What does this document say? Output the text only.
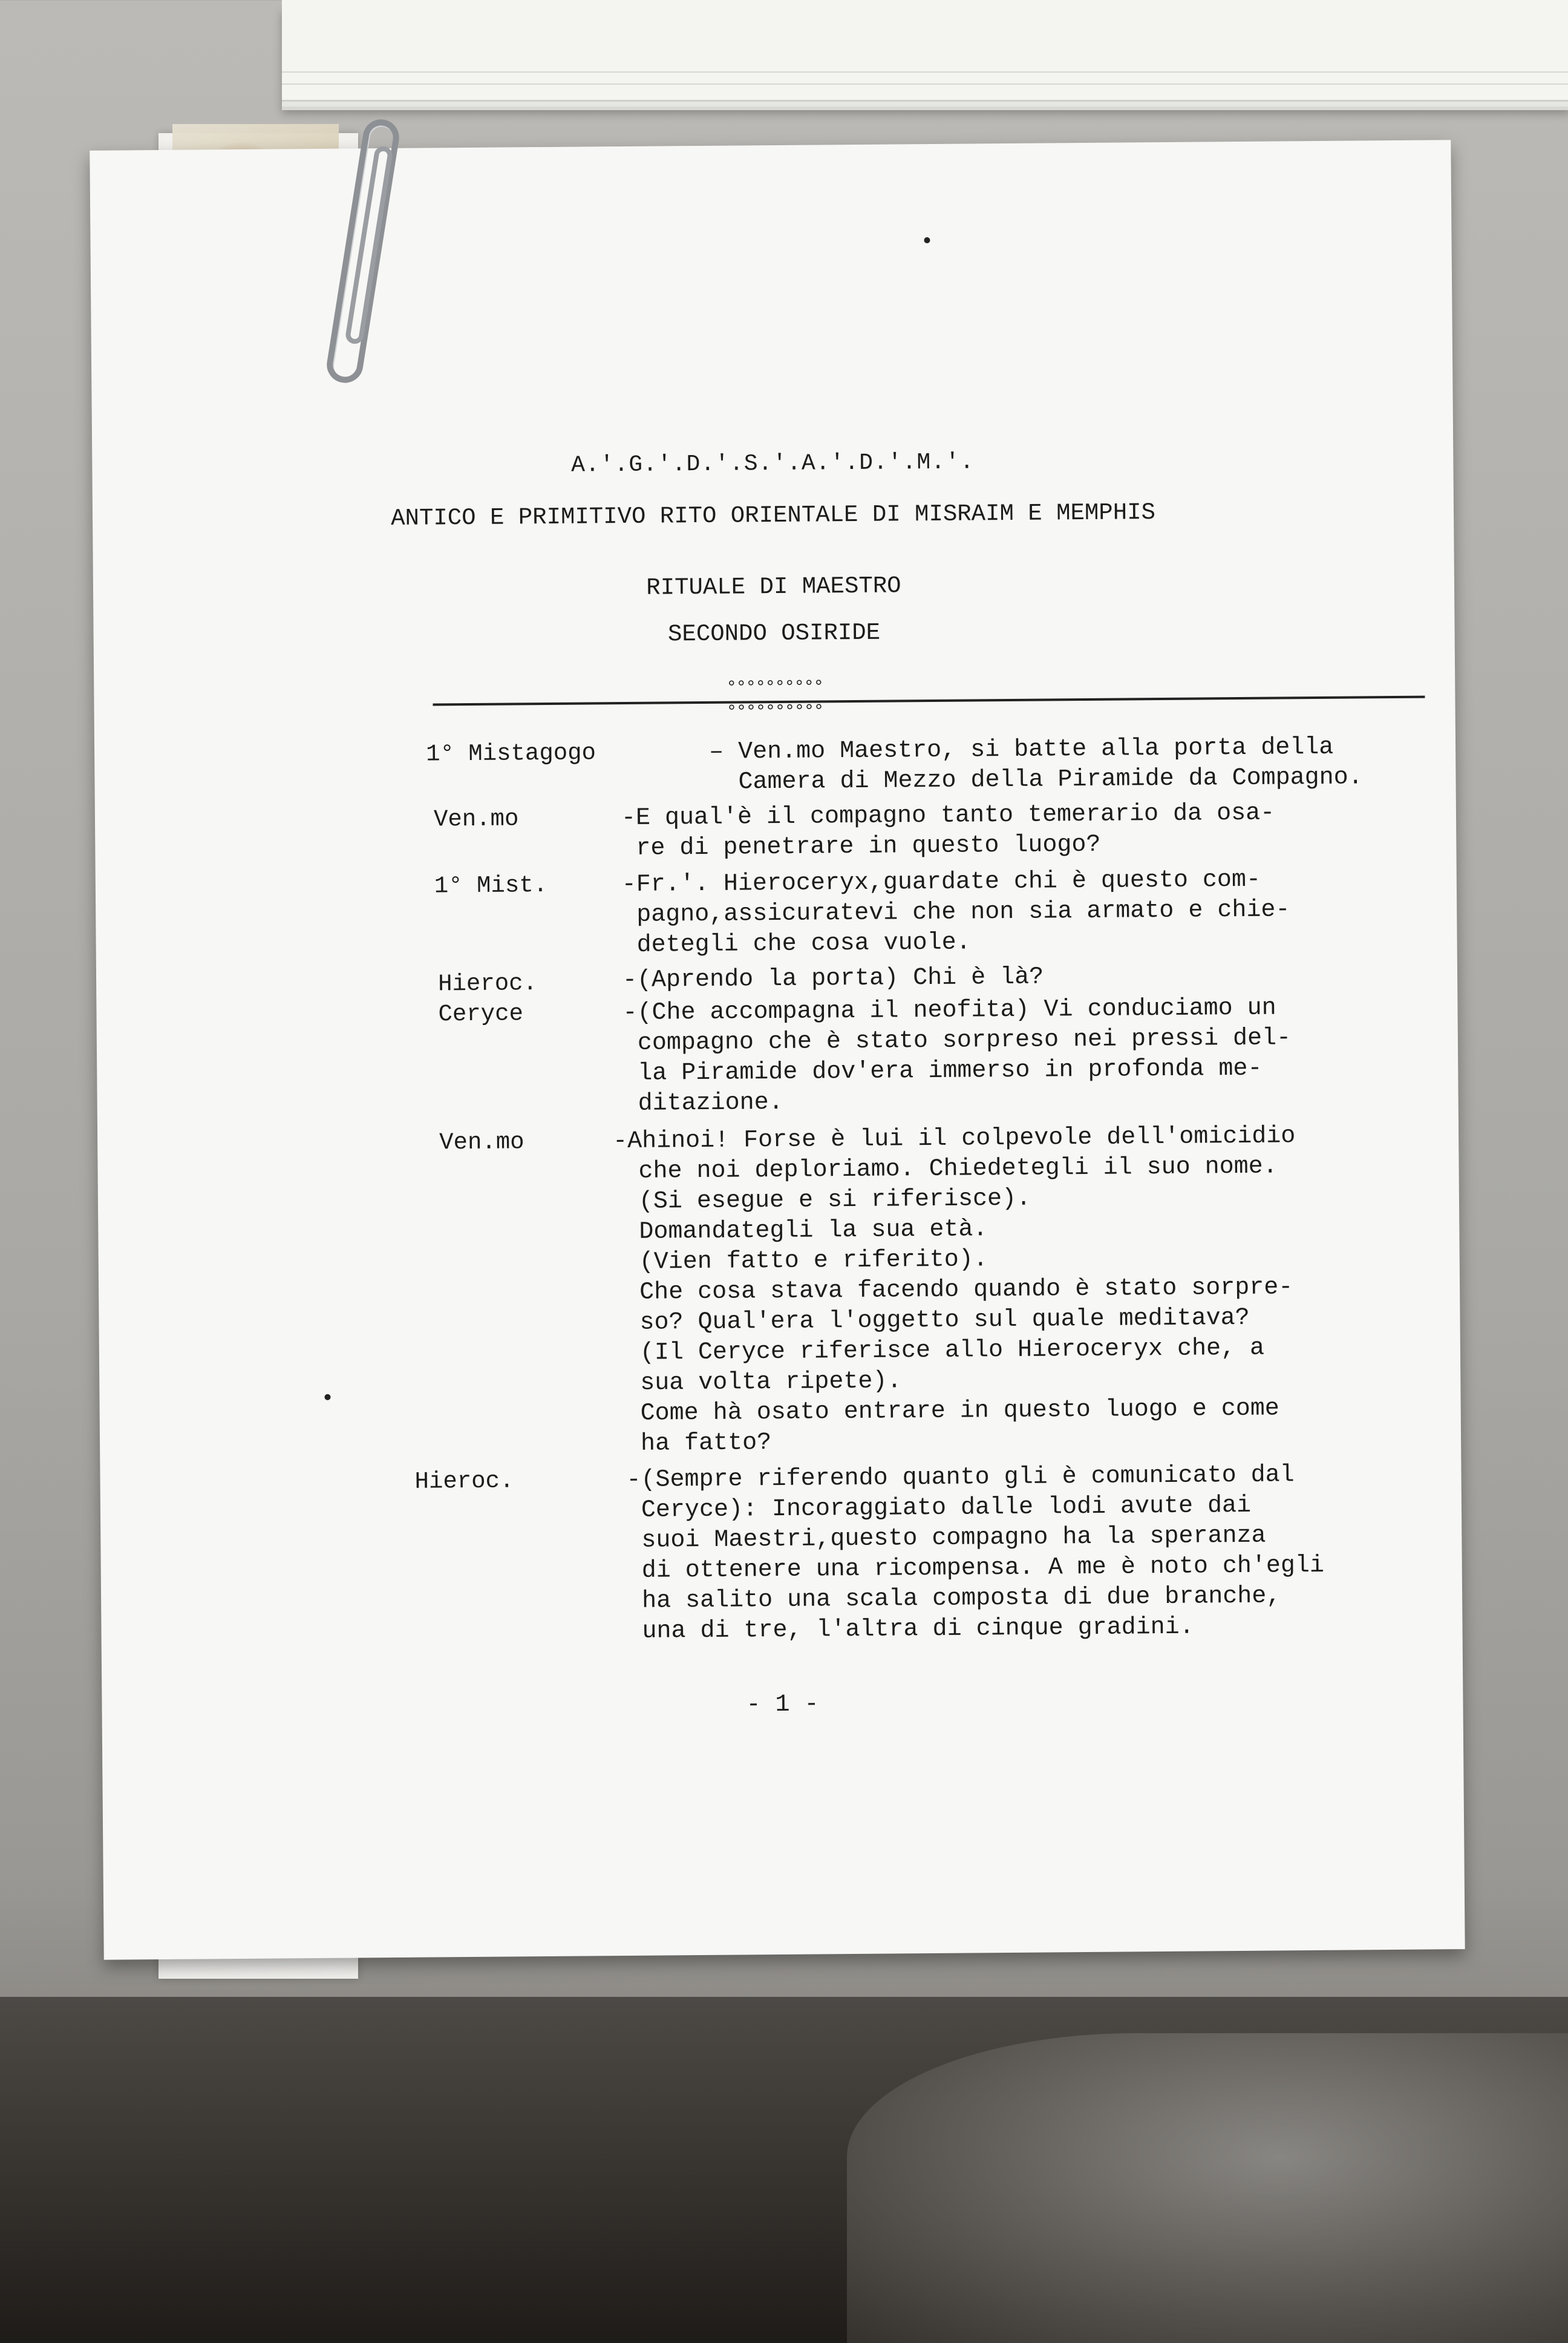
A.'.G.'.D.'.S.'.A.'.D.'.M.'.
ANTICO E PRIMITIVO RITO ORIENTALE DI MISRAIM E MEMPHIS
RITUALE DI MAESTRO
SECONDO OSIRIDE
°°°°°°°°°°
°°°°°°°°°°
1° Mistagogo	– Ven.mo Maestro, si batte alla porta della
Camera di Mezzo della Piramide da Compagno.
Ven.mo	-E qual'è il compagno tanto temerario da osa-
re di penetrare in questo luogo?
1° Mist.	-Fr.'. Hieroceryx,guardate chi è questo com-
pagno,assicuratevi che non sia armato e chie-
detegli che cosa vuole.
Hieroc.	-(Aprendo la porta) Chi è là?
Ceryce	-(Che accompagna il neofita) Vi conduciamo un
compagno che è stato sorpreso nei pressi del-
la Piramide dov'era immerso in profonda me-
ditazione.
Ven.mo	-Ahinoi! Forse è lui il colpevole dell'omicidio
che noi deploriamo. Chiedetegli il suo nome.
(Si esegue e si riferisce).
Domandategli la sua età.
(Vien fatto e riferito).
Che cosa stava facendo quando è stato sorpre-
so? Qual'era l'oggetto sul quale meditava?
(Il Ceryce riferisce allo Hieroceryx che, a
sua volta ripete).
Come hà osato entrare in questo luogo e come
ha fatto?
Hieroc.	-(Sempre riferendo quanto gli è comunicato dal
Ceryce): Incoraggiato dalle lodi avute dai
suoi Maestri,questo compagno ha la speranza
di ottenere una ricompensa. A me è noto ch'egli
ha salito una scala composta di due branche,
una di tre, l'altra di cinque gradini.
- 1 -
